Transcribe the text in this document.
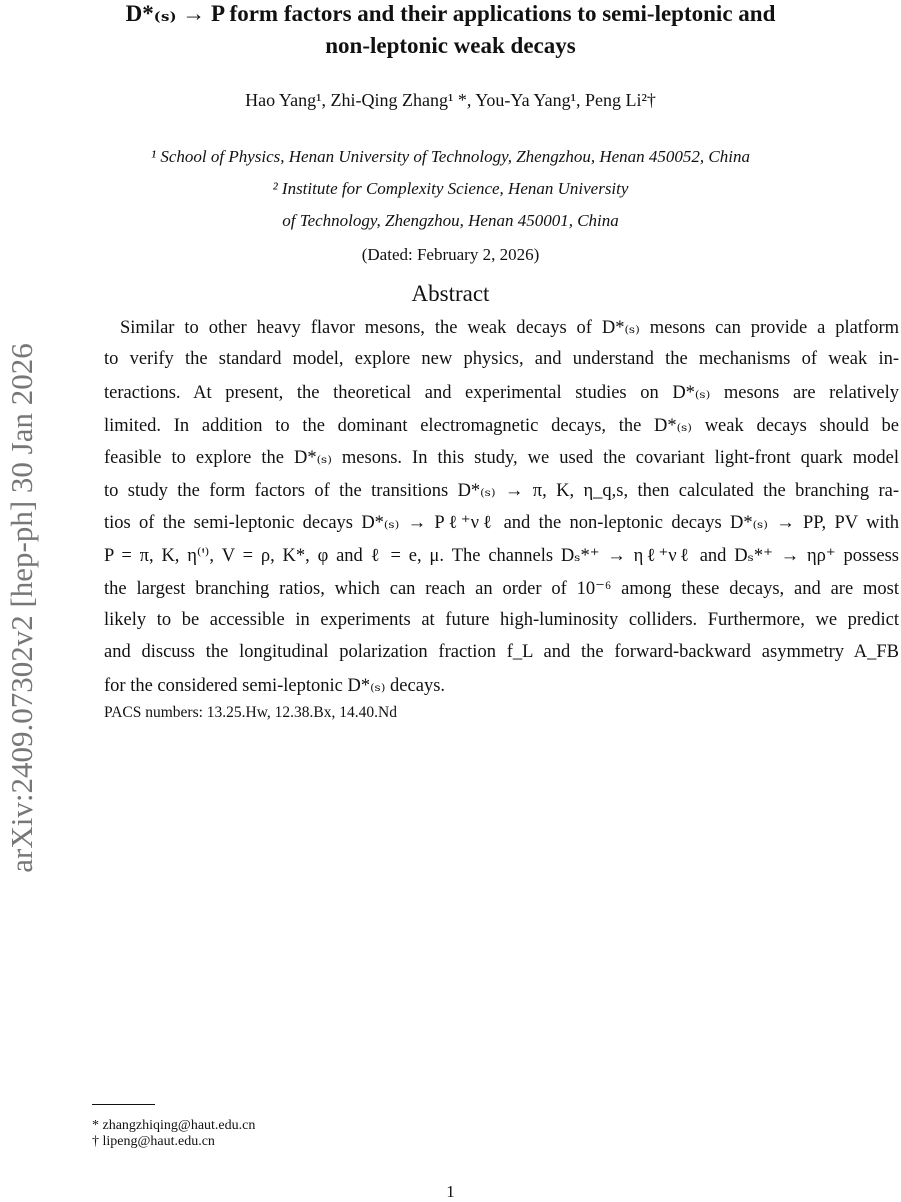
arXiv:2409.07302v2 [hep-ph] 30 Jan 2026
D*₍ₛ₎ → P form factors and their applications to semi-leptonic and
non-leptonic weak decays
Hao Yang¹, Zhi-Qing Zhang¹ *, You-Ya Yang¹, Peng Li²†
¹ School of Physics, Henan University of Technology, Zhengzhou, Henan 450052, China
² Institute for Complexity Science, Henan University
of Technology, Zhengzhou, Henan 450001, China
(Dated: February 2, 2026)
Abstract
Similar to other heavy flavor mesons, the weak decays of D*₍ₛ₎ mesons can provide a platform
to verify the standard model, explore new physics, and understand the mechanisms of weak in-
teractions. At present, the theoretical and experimental studies on D*₍ₛ₎ mesons are relatively
limited. In addition to the dominant electromagnetic decays, the D*₍ₛ₎ weak decays should be
feasible to explore the D*₍ₛ₎ mesons. In this study, we used the covariant light-front quark model
to study the form factors of the transitions D*₍ₛ₎ → π, K, η_q,s, then calculated the branching ra-
tios of the semi-leptonic decays D*₍ₛ₎ → Pℓ⁺νℓ and the non-leptonic decays D*₍ₛ₎ → PP, PV with
P = π, K, η⁽'⁾, V = ρ, K*, φ and ℓ = e, μ. The channels Dₛ*⁺ → ηℓ⁺νℓ and Dₛ*⁺ → ηρ⁺ possess
the largest branching ratios, which can reach an order of 10⁻⁶ among these decays, and are most
likely to be accessible in experiments at future high-luminosity colliders. Furthermore, we predict
and discuss the longitudinal polarization fraction f_L and the forward-backward asymmetry A_FB
for the considered semi-leptonic D*₍ₛ₎ decays.
PACS numbers: 13.25.Hw, 12.38.Bx, 14.40.Nd
* zhangzhiqing@haut.edu.cn
† lipeng@haut.edu.cn
1
